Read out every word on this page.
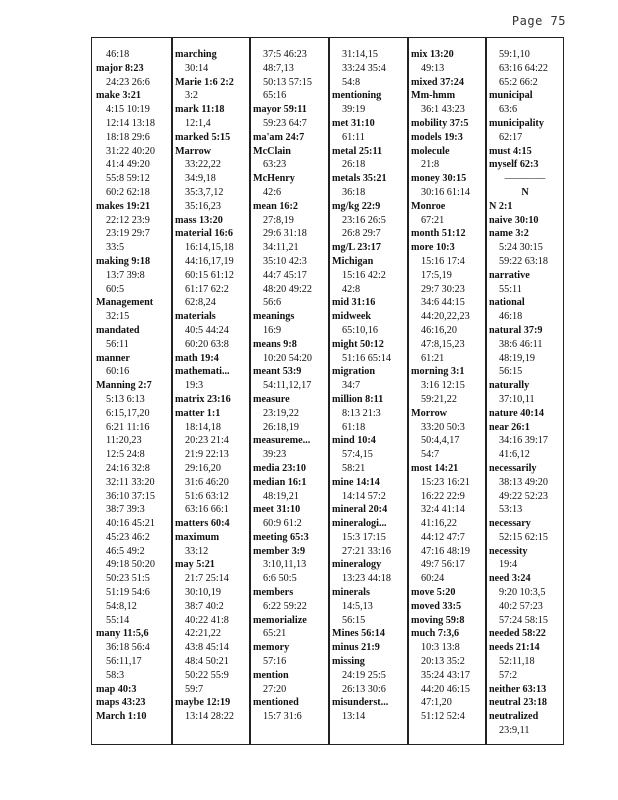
Page 75
46:18
major 8:23
24:23 26:6
make 3:21
4:15 10:19
12:14 13:18
18:18 29:6
31:22 40:20
41:4 49:20
55:8 59:12
60:2 62:18
makes 19:21
22:12 23:9
23:19 29:7
33:5
making 9:18
13:7 39:8
60:5
Management
32:15
mandated
56:11
manner
60:16
Manning 2:7
5:13 6:13
6:15,17,20
6:21 11:16
11:20,23
12:5 24:8
24:16 32:8
32:11 33:20
36:10 37:15
38:7 39:3
40:16 45:21
45:23 46:2
46:5 49:2
49:18 50:20
50:23 51:5
51:19 54:6
54:8,12
55:14
many 11:5,6
36:18 56:4
56:11,17
58:3
map 40:3
maps 43:23
March 1:10
marching
30:14
Marie 1:6 2:2
3:2
mark 11:18
12:1,4
marked 5:15
Marrow
33:22,22
34:9,18
35:3,7,12
35:16,23
mass 13:20
material 16:6
16:14,15,18
44:16,17,19
60:15 61:12
61:17 62:2
62:8,24
materials
40:5 44:24
60:20 63:8
math 19:4
mathemati...
19:3
matrix 23:16
matter 1:1
18:14,18
20:23 21:4
21:9 22:13
29:16,20
31:6 46:20
51:6 63:12
63:16 66:1
matters 60:4
maximum
33:12
may 5:21
21:7 25:14
30:10,19
38:7 40:2
40:22 41:8
42:21,22
43:8 45:14
48:4 50:21
50:22 55:9
59:7
maybe 12:19
13:14 28:22
37:5 46:23
48:7,13
50:13 57:15
65:16
mayor 59:11
59:23 64:7
ma'am 24:7
McClain
63:23
McHenry
42:6
mean 16:2
27:8,19
29:6 31:18
34:11,21
35:10 42:3
44:7 45:17
48:20 49:22
56:6
meanings
16:9
means 9:8
10:20 54:20
meant 53:9
54:11,12,17
measure
23:19,22
26:18,19
measureme...
39:23
media 23:10
median 16:1
48:19,21
meet 31:10
60:9 61:2
meeting 65:3
member 3:9
3:10,11,13
6:6 50:5
members
6:22 59:22
memorialize
65:21
memory
57:16
mention
27:20
mentioned
15:7 31:6
31:14,15
33:24 35:4
54:8
mentioning
39:19
met 31:10
61:11
metal 25:11
26:18
metals 35:21
36:18
mg/kg 22:9
23:16 26:5
26:8 29:7
mg/L 23:17
Michigan
15:16 42:2
42:8
mid 31:16
midweek
65:10,16
might 50:12
51:16 65:14
migration
34:7
million 8:11
8:13 21:3
61:18
mind 10:4
57:4,15
58:21
mine 14:14
14:14 57:2
mineral 20:4
mineralogi...
15:3 17:15
27:21 33:16
mineralogy
13:23 44:18
minerals
14:5,13
56:15
Mines 56:14
minus 21:9
missing
24:19 25:5
26:13 30:6
misunderst...
13:14
mix 13:20
49:13
mixed 37:24
Mm-hmm
36:1 43:23
mobility 37:5
models 19:3
molecule
21:8
money 30:15
30:16 61:14
Monroe
67:21
month 51:12
more 10:3
15:16 17:4
17:5,19
29:7 30:23
34:6 44:15
44:20,22,23
46:16,20
47:8,15,23
61:21
morning 3:1
3:16 12:15
59:21,22
Morrow
33:20 50:3
50:4,4,17
54:7
most 14:21
15:23 16:21
16:22 22:9
32:4 41:14
41:16,22
44:12 47:7
47:16 48:19
49:7 56:17
60:24
move 5:20
moved 33:5
moving 59:8
much 7:3,6
10:3 13:8
20:13 35:2
35:24 43:17
44:20 46:15
47:1,20
51:12 52:4
59:1,10
63:16 64:22
65:2 66:2
municipal
63:6
municipality
62:17
must 4:15
myself 62:3
————
N
N 2:1
naive 30:10
name 3:2
5:24 30:15
59:22 63:18
narrative
55:11
national
46:18
natural 37:9
38:6 46:11
48:19,19
56:15
naturally
37:10,11
nature 40:14
near 26:1
34:16 39:17
41:6,12
necessarily
38:13 49:20
49:22 52:23
53:13
necessary
52:15 62:15
necessity
19:4
need 3:24
9:20 10:3,5
40:2 57:23
57:24 58:15
needed 58:22
needs 21:14
52:11,18
57:2
neither 63:13
neutral 23:18
neutralized
23:9,11
